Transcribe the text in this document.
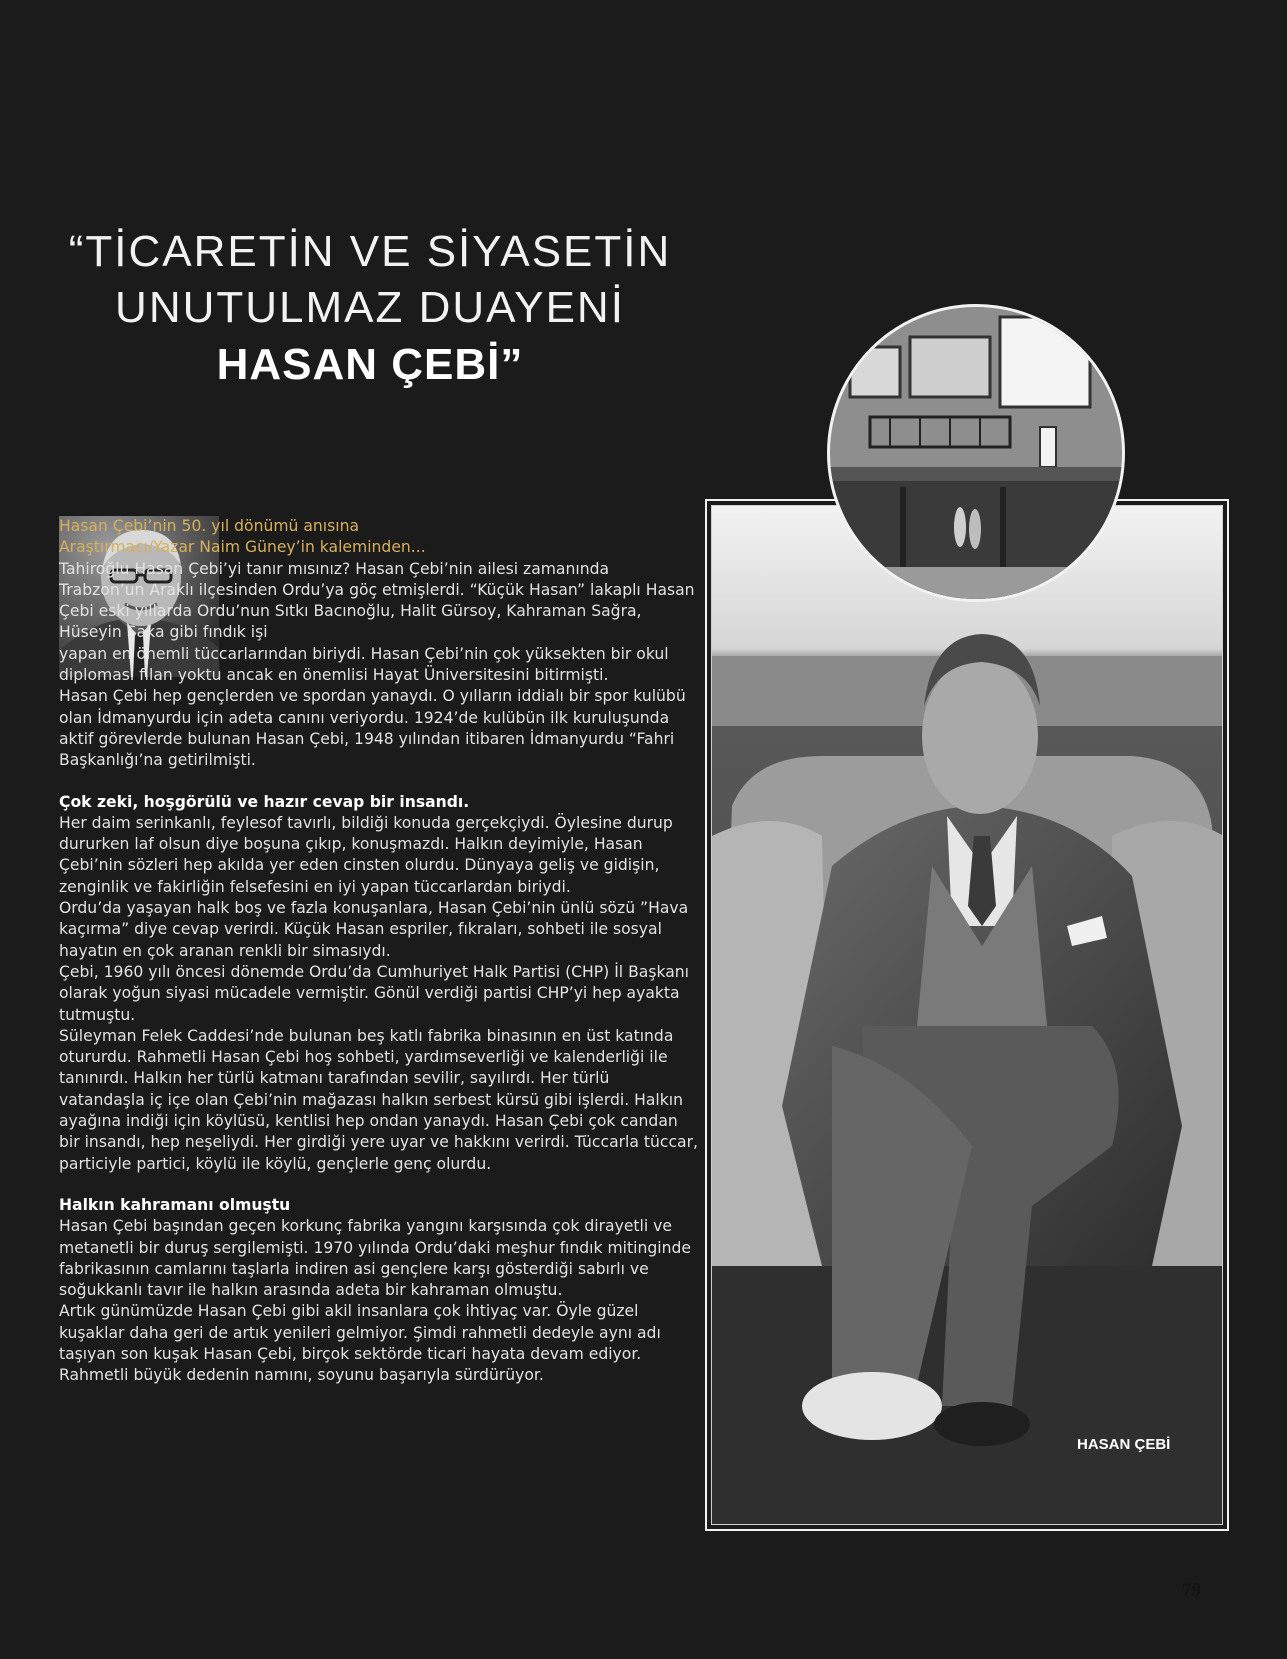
“TİCARETİN VE SİYASETİN
UNUTULMAZ DUAYENİ
HASAN ÇEBİ”

Hasan Çebi’nin 50. yıl dönümü anısına
Araştırmacı/Yazar Naim Güney’in kaleminden...

Tahiroğlu Hasan Çebi’yi tanır mısınız? Hasan Çebi’nin ailesi zamanında Trabzon’un Araklı ilçesinden Ordu’ya göç etmişlerdi. “Küçük Hasan” lakaplı Hasan Çebi eski yıllarda Ordu’nun Sıtkı Bacınoğlu, Halit Gürsoy, Kahraman Sağra, Hüseyin Saka gibi fındık işi

yapan en önemli tüccarlarından biriydi. Hasan Çebi’nin çok yüksekten bir okul diploması filan yoktu ancak en önemlisi Hayat Üniversitesini bitirmişti.

Hasan Çebi hep gençlerden ve spordan yanaydı. O yılların iddialı bir spor kulübü olan İdmanyurdu için adeta canını veriyordu. 1924’de kulübün ilk kuruluşunda aktif görevlerde bulunan Hasan Çebi, 1948 yılından itibaren İdmanyurdu “Fahri Başkanlığı’na getirilmişti.

Çok zeki, hoşgörülü ve hazır cevap bir insandı.

Her daim serinkanlı, feylesof tavırlı, bildiği konuda gerçekçiydi. Öylesine durup dururken laf olsun diye boşuna çıkıp, konuşmazdı. Halkın deyimiyle, Hasan Çebi’nin sözleri hep akılda yer eden cinsten olurdu. Dünyaya geliş ve gidişin, zenginlik ve fakirliğin felsefesini en iyi yapan tüccarlardan biriydi.

Ordu’da yaşayan halk boş ve fazla konuşanlara, Hasan Çebi’nin ünlü sözü ”Hava kaçırma” diye cevap verirdi. Küçük Hasan espriler, fıkraları, sohbeti ile sosyal hayatın en çok aranan renkli bir simasıydı.

Çebi, 1960 yılı öncesi dönemde Ordu’da Cumhuriyet Halk Partisi (CHP) İl Başkanı olarak yoğun siyasi mücadele vermiştir. Gönül verdiği partisi CHP’yi hep ayakta tutmuştu.

Süleyman Felek Caddesi’nde bulunan beş katlı fabrika binasının en üst katında otururdu. Rahmetli Hasan Çebi hoş sohbeti, yardımseverliği ve kalenderliği ile tanınırdı. Halkın her türlü katmanı tarafından sevilir, sayılırdı. Her türlü vatandaşla iç içe olan Çebi’nin mağazası halkın serbest kürsü gibi işlerdi. Halkın ayağına indiği için köylüsü, kentlisi hep ondan yanaydı. Hasan Çebi çok candan bir insandı, hep neşeliydi. Her girdiği yere uyar ve hakkını verirdi. Tüccarla tüccar, particiyle partici, köylü ile köylü, gençlerle genç olurdu.

Halkın kahramanı olmuştu

Hasan Çebi başından geçen korkunç fabrika yangını karşısında çok dirayetli ve metanetli bir duruş sergilemişti. 1970 yılında Ordu’daki meşhur fındık mitinginde fabrikasının camlarını taşlarla indiren asi gençlere karşı gösterdiği sabırlı ve soğukkanlı tavır ile halkın arasında adeta bir kahraman olmuştu.

Artık günümüzde Hasan Çebi gibi akil insanlara çok ihtiyaç var. Öyle güzel kuşaklar daha geri de artık yenileri gelmiyor. Şimdi rahmetli dedeyle aynı adı taşıyan son kuşak Hasan Çebi, birçok sektörde ticari hayata devam ediyor. Rahmetli büyük dedenin namını, soyunu başarıyla sürdürüyor.

HASAN ÇEBİ
79
